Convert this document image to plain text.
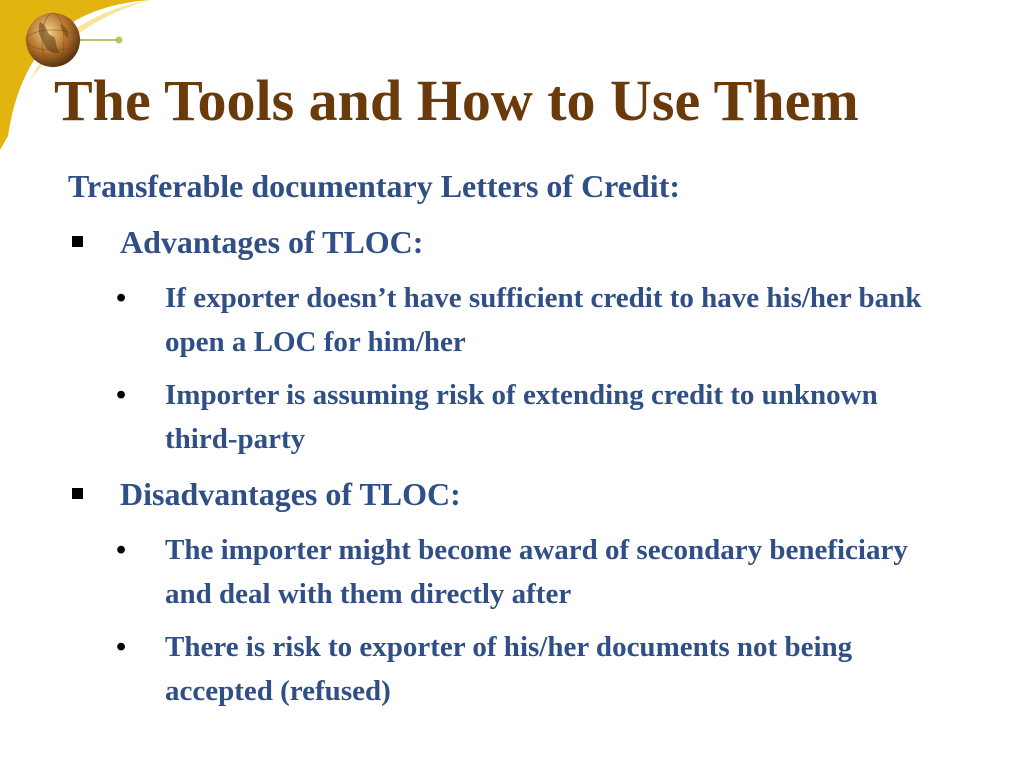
The Tools and How to Use Them
Transferable documentary Letters of Credit:
Advantages of TLOC:
• If exporter doesn’t have sufficient credit to have his/her bank open a LOC for him/her
• Importer is assuming risk of extending credit to unknown third-party
Disadvantages of TLOC:
• The importer might become award of secondary beneficiary and deal with them directly after
• There is risk to exporter of his/her documents not being accepted (refused)
